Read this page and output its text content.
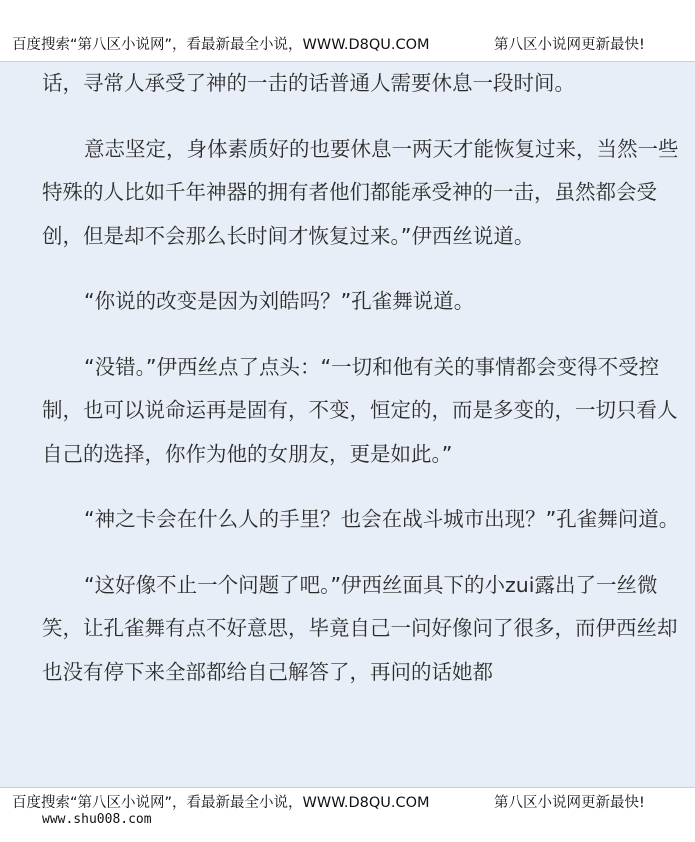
百度搜索“第八区小说网”，看最新最全小说，WWW.D8QU.COM	第八区小说网更新最快!

话，寻常人承受了神的一击的话普通人需要休息一段时间。

意志坚定，身体素质好的也要休息一两天才能恢复过来，当然一些特殊的人比如千年神器的拥有者他们都能承受神的一击，虽然都会受创，但是却不会那么长时间才恢复过来。”伊西丝说道。

“你说的改变是因为刘皓吗？”孔雀舞说道。

“没错。”伊西丝点了点头：“一切和他有关的事情都会变得不受控制，也可以说命运再是固有，不变，恒定的，而是多变的，一切只看人自己的选择，你作为他的女朋友，更是如此。”

“神之卡会在什么人的手里？也会在战斗城市出现？”孔雀舞问道。

“这好像不止一个问题了吧。”伊西丝面具下的小zui露出了一丝微笑，让孔雀舞有点不好意思，毕竟自己一问好像问了很多，而伊西丝却也没有停下来全部都给自己解答了，再问的话她都

百度搜索“第八区小说网”，看最新最全小说，WWW.D8QU.COM	第八区小说网更新最快!
www.shu008.com
